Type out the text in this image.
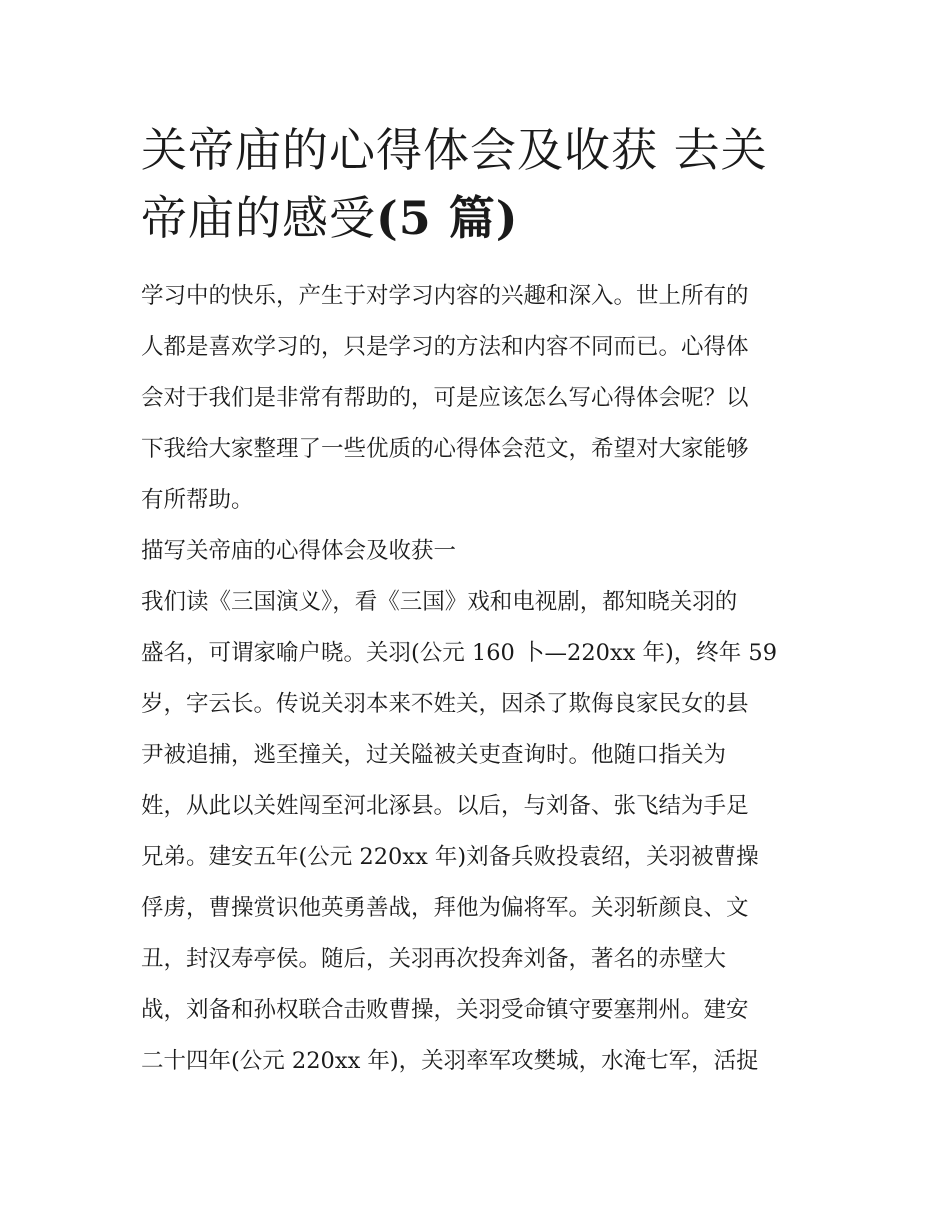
关帝庙的心得体会及收获 去关
帝庙的感受(5 篇)
学习中的快乐，产生于对学习内容的兴趣和深入。世上所有的
人都是喜欢学习的，只是学习的方法和内容不同而已。心得体
会对于我们是非常有帮助的，可是应该怎么写心得体会呢？以
下我给大家整理了一些优质的心得体会范文，希望对大家能够
有所帮助。
描写关帝庙的心得体会及收获一
我们读《三国演义》，看《三国》戏和电视剧，都知晓关羽的
盛名，可谓家喻户晓。关羽(公元 160 卜—220xx 年)，终年 59
岁，字云长。传说关羽本来不姓关，因杀了欺侮良家民女的县
尹被追捕，逃至撞关，过关隘被关吏查询时。他随口指关为
姓，从此以关姓闯至河北涿县。以后，与刘备、张飞结为手足
兄弟。建安五年(公元 220xx 年)刘备兵败投袁绍，关羽被曹操
俘虏，曹操赏识他英勇善战，拜他为偏将军。关羽斩颜良、文
丑，封汉寿亭侯。随后，关羽再次投奔刘备，著名的赤壁大
战，刘备和孙权联合击败曹操，关羽受命镇守要塞荆州。建安
二十四年(公元 220xx 年)，关羽率军攻樊城，水淹七军，活捉
